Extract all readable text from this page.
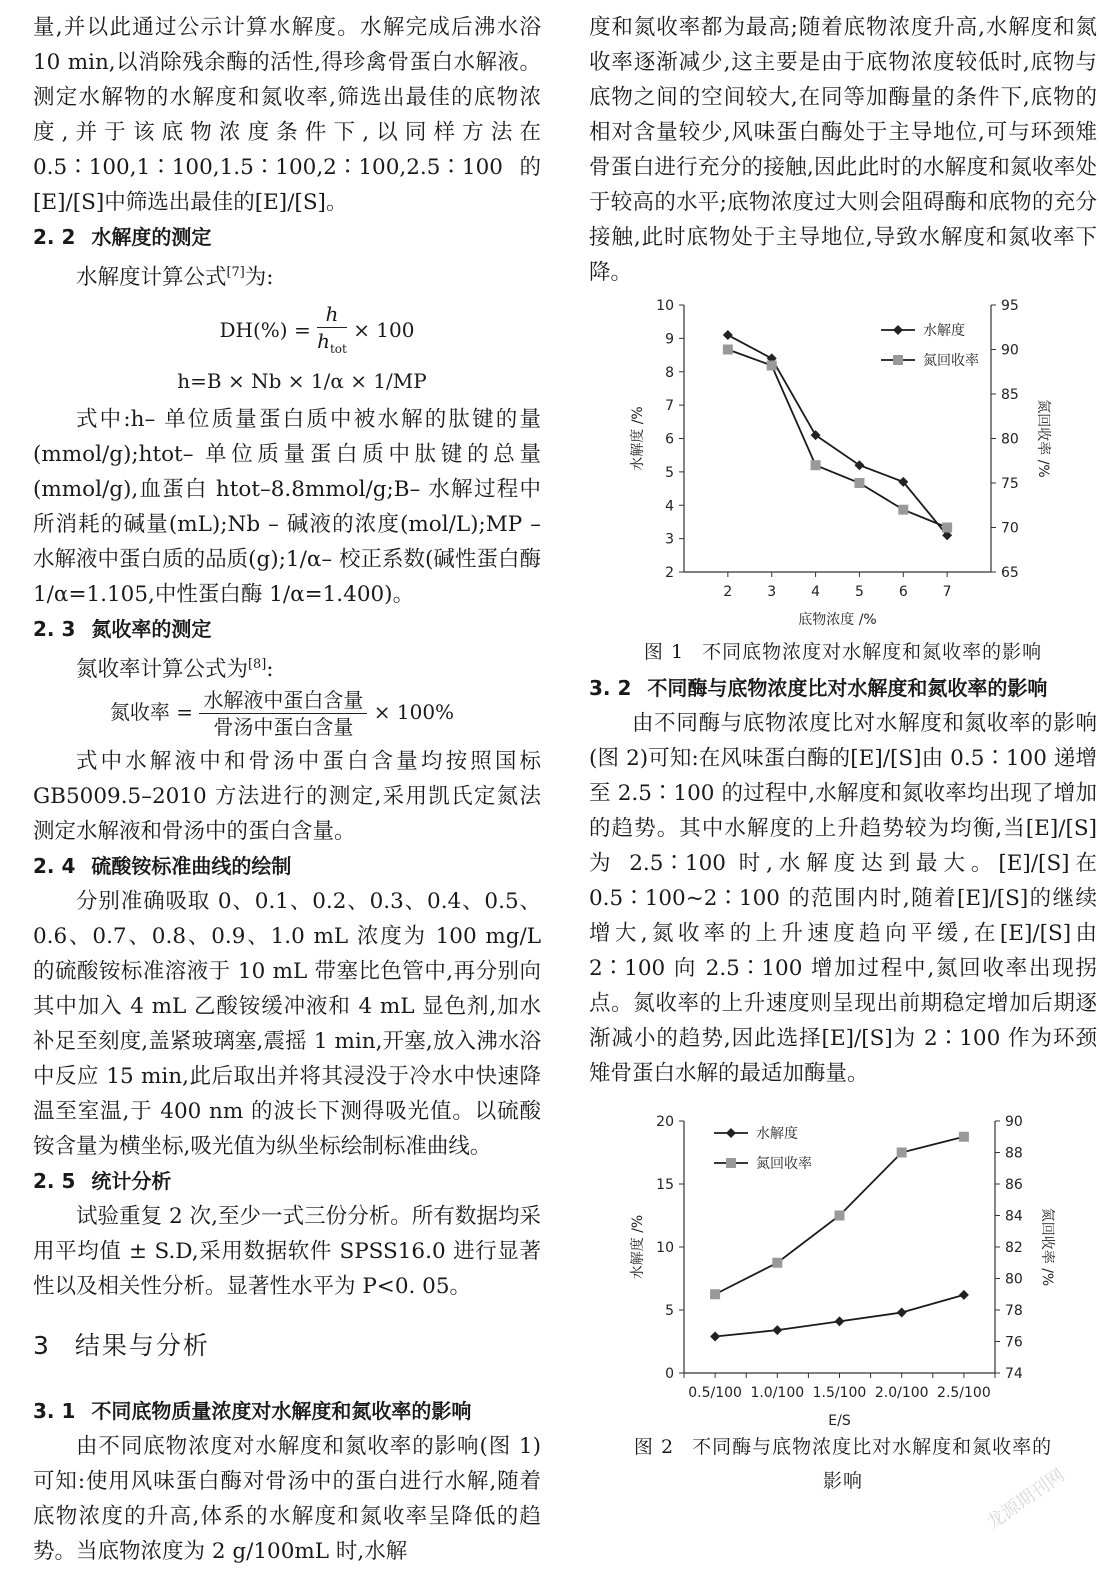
量,并以此通过公示计算水解度。水解完成后沸水浴 10 min,以消除残余酶的活性,得珍禽骨蛋白水解液。测定水解物的水解度和氮收率,筛选出最佳的底物浓度,并于该底物浓度条件下,以同样方法在 0.5∶100,1∶100,1.5∶100,2∶100,2.5∶100 的[E]/[S]中筛选出最佳的[E]/[S]。

2. 2 水解度的测定

水解度计算公式[7]为:

$DH(\%) = \frac{h}{h_{tot}} \times 100$
h=B × Nb × 1/α × 1/MP

式中:h– 单位质量蛋白质中被水解的肽键的量(mmol/g);htot– 单位质量蛋白质中肽键的总量(mmol/g),血蛋白 htot–8.8mmol/g;B– 水解过程中所消耗的碱量(mL);Nb – 碱液的浓度(mol/L);MP – 水解液中蛋白质的品质(g);1/α– 校正系数(碱性蛋白酶 1/α=1.105,中性蛋白酶 1/α=1.400)。

2. 3 氮收率的测定

氮收率计算公式为[8]:

氮收率 = $\frac{\text{水解液中蛋白含量}}{\text{骨汤中蛋白含量}} \times 100\%$

式中水解液中和骨汤中蛋白含量均按照国标 GB5009.5–2010 方法进行的测定,采用凯氏定氮法测定水解液和骨汤中的蛋白含量。

2. 4 硫酸铵标准曲线的绘制

分别准确吸取 0、0.1、0.2、0.3、0.4、0.5、0.6、0.7、0.8、0.9、1.0 mL 浓度为 100 mg/L 的硫酸铵标准溶液于 10 mL 带塞比色管中,再分别向其中加入 4 mL 乙酸铵缓冲液和 4 mL 显色剂,加水补足至刻度,盖紧玻璃塞,震摇 1 min,开塞,放入沸水浴中反应 15 min,此后取出并将其浸没于冷水中快速降温至室温,于 400 nm 的波长下测得吸光值。以硫酸铵含量为横坐标,吸光值为纵坐标绘制标准曲线。

2. 5 统计分析

试验重复 2 次,至少一式三份分析。所有数据均采用平均值 ± S.D,采用数据软件 SPSS16.0 进行显著性以及相关性分析。显著性水平为 P<0. 05。

3 结果与分析
3. 1 不同底物质量浓度对水解度和氮收率的影响

由不同底物浓度对水解度和氮收率的影响(图 1)可知:使用风味蛋白酶对骨汤中的蛋白进行水解,随着底物浓度的升高,体系的水解度和氮收率呈降低的趋势。当底物浓度为 2 g/100mL 时,水解

度和氮收率都为最高;随着底物浓度升高,水解度和氮收率逐渐减少,这主要是由于底物浓度较低时,底物与底物之间的空间较大,在同等加酶量的条件下,底物的相对含量较少,风味蛋白酶处于主导地位,可与环颈雉骨蛋白进行充分的接触,因此此时的水解度和氮收率处于较高的水平;底物浓度过大则会阻碍酶和底物的充分接触,此时底物处于主导地位,导致水解度和氮收率下降。

2
3
4
5
6
7
8
9
10
65
70
75
80
85
90
95
2 3 4 5 6 7
底物浓度 /%
水解度 /%	氮回收率 /%
水解度
氮回收率
图 1 不同底物浓度对水解度和氮收率的影响
3. 2 不同酶与底物浓度比对水解度和氮收率的影响

由不同酶与底物浓度比对水解度和氮收率的影响(图 2)可知:在风味蛋白酶的[E]/[S]由 0.5∶100 递增至 2.5∶100 的过程中,水解度和氮收率均出现了增加的趋势。其中水解度的上升趋势较为均衡,当[E]/[S]为 2.5∶100 时,水解度达到最大。[E]/[S]在 0.5∶100~2∶100 的范围内时,随着[E]/[S]的继续增大,氮收率的上升速度趋向平缓,在[E]/[S]由 2∶100 向 2.5∶100 增加过程中,氮回收率出现拐点。氮收率的上升速度则呈现出前期稳定增加后期逐渐减小的趋势,因此选择[E]/[S]为 2∶100 作为环颈雉骨蛋白水解的最适加酶量。

0
5
10
15
20
74
76
78
80
82
84
86
88
90
0.5/100 1.0/100 1.5/100 2.0/100 2.5/100
E/S
水解度 /%	氮回收率 /%
水解度
氮回收率
图 2 不同酶与底物浓度比对水解度和氮收率的
影响	龙源期刊网
